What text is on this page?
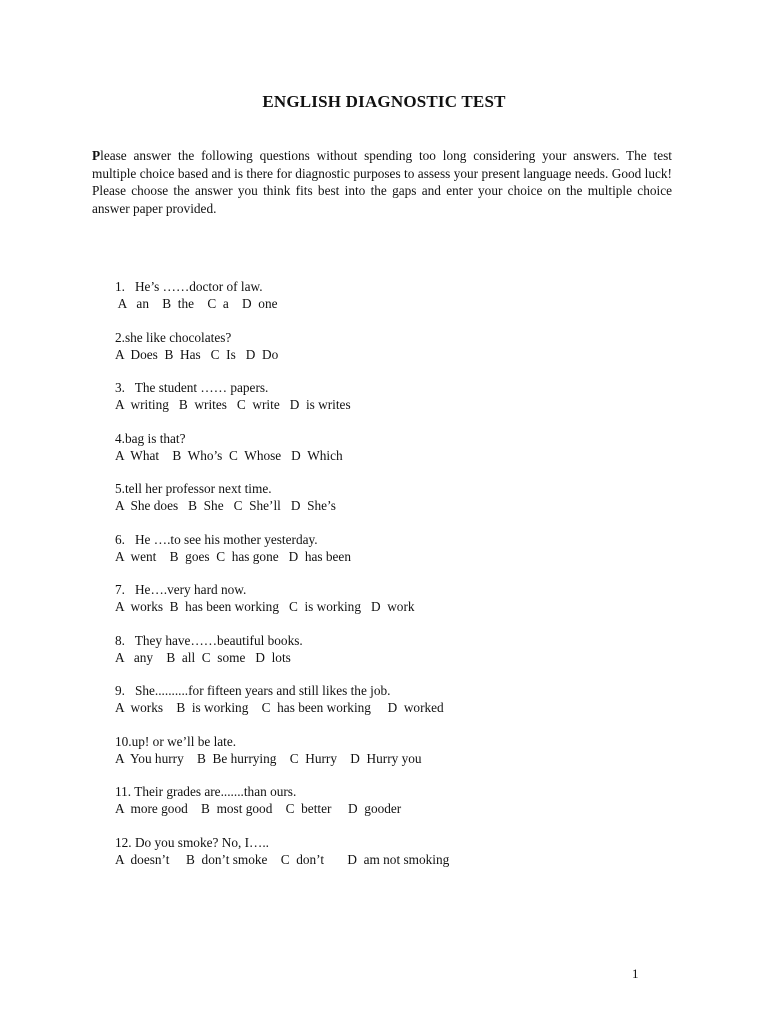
ENGLISH DIAGNOSTIC TEST
Please answer the following questions without spending too long considering your answers. The test multiple choice based and is there for diagnostic purposes to assess your present language needs. Good luck! Please choose the answer you think fits best into the gaps and enter your choice on the multiple choice answer paper provided.
1.   He’s ……doctor of law.
A   an    B  the    C  a    D  one
2.she like chocolates?
A  Does  B  Has   C  Is   D  Do
3.   The student …… papers.
A  writing   B  writes   C  write   D  is writes
4.bag is that?
A  What    B  Who’s  C  Whose   D  Which
5.tell her professor next time.
A  She does   B  She   C  She’ll   D  She’s
6.   He ….to see his mother yesterday.
A  went    B  goes  C  has gone   D  has been
7.   He….very hard now.
A  works  B  has been working   C  is working   D  work
8.   They have……beautiful books.
A   any    B  all  C  some   D  lots
9.   She..........for fifteen years and still likes the job.
A  works    B  is working    C  has been working     D  worked
10.up! or we’ll be late.
A  You hurry    B  Be hurrying    C  Hurry    D  Hurry you
11. Their grades are.......than ours.
A  more good    B  most good    C  better     D  gooder
12. Do you smoke? No, I…..
A  doesn’t     B  don’t smoke    C  don’t       D  am not smoking
1
